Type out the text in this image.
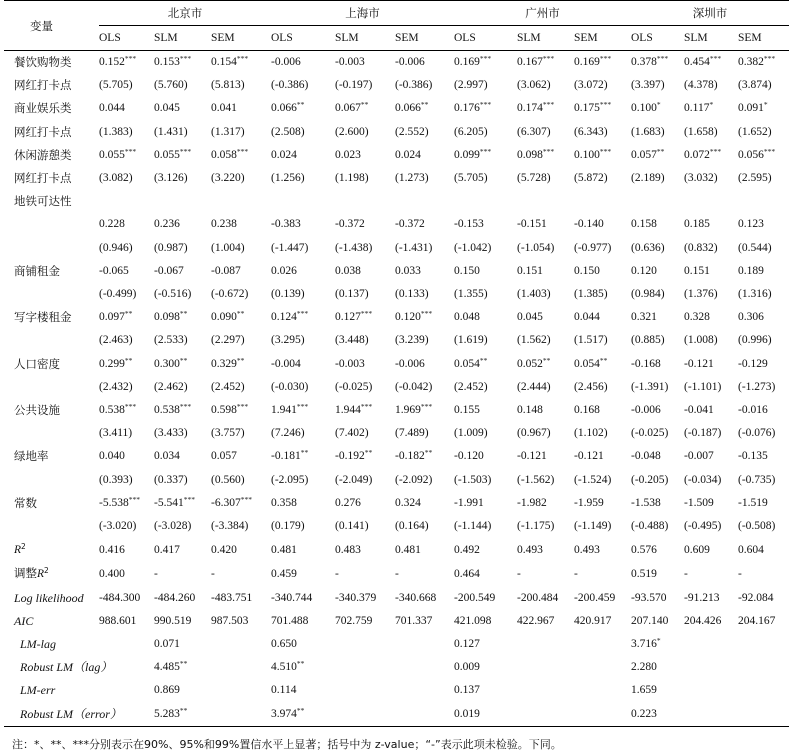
变量	北京市			上海市			广州市			深圳市		
	OLS	SLM	SEM	OLS	SLM	SEM	OLS	SLM	SEM	OLS	SLM	SEM
餐饮购物类	0.152***	0.153***	0.154***	-0.006	-0.003	-0.006	0.169***	0.167***	0.169***	0.378***	0.454***	0.382***
网红打卡点	(5.705)	(5.760)	(5.813)	(-0.386)	(-0.197)	(-0.386)	(2.997)	(3.062)	(3.072)	(3.397)	(4.378)	(3.874)
商业娱乐类	0.044	0.045	0.041	0.066**	0.067**	0.066**	0.176***	0.174***	0.175***	0.100*	0.117*	0.091*
网红打卡点	(1.383)	(1.431)	(1.317)	(2.508)	(2.600)	(2.552)	(6.205)	(6.307)	(6.343)	(1.683)	(1.658)	(1.652)
休闲游憩类	0.055***	0.055***	0.058***	0.024	0.023	0.024	0.099***	0.098***	0.100***	0.057**	0.072***	0.056***
网红打卡点	(3.082)	(3.126)	(3.220)	(1.256)	(1.198)	(1.273)	(5.705)	(5.728)	(5.872)	(2.189)	(3.032)	(2.595)
地铁可达性												
	0.228	0.236	0.238	-0.383	-0.372	-0.372	-0.153	-0.151	-0.140	0.158	0.185	0.123
	(0.946)	(0.987)	(1.004)	(-1.447)	(-1.438)	(-1.431)	(-1.042)	(-1.054)	(-0.977)	(0.636)	(0.832)	(0.544)
商铺租金	-0.065	-0.067	-0.087	0.026	0.038	0.033	0.150	0.151	0.150	0.120	0.151	0.189
	(-0.499)	(-0.516)	(-0.672)	(0.139)	(0.137)	(0.133)	(1.355)	(1.403)	(1.385)	(0.984)	(1.376)	(1.316)
写字楼租金	0.097**	0.098**	0.090**	0.124***	0.127***	0.120***	0.048	0.045	0.044	0.321	0.328	0.306
	(2.463)	(2.533)	(2.297)	(3.295)	(3.448)	(3.239)	(1.619)	(1.562)	(1.517)	(0.885)	(1.008)	(0.996)
人口密度	0.299**	0.300**	0.329**	-0.004	-0.003	-0.006	0.054**	0.052**	0.054**	-0.168	-0.121	-0.129
	(2.432)	(2.462)	(2.452)	(-0.030)	(-0.025)	(-0.042)	(2.452)	(2.444)	(2.456)	(-1.391)	(-1.101)	(-1.273)
公共设施	0.538***	0.538***	0.598***	1.941***	1.944***	1.969***	0.155	0.148	0.168	-0.006	-0.041	-0.016
	(3.411)	(3.433)	(3.757)	(7.246)	(7.402)	(7.489)	(1.009)	(0.967)	(1.102)	(-0.025)	(-0.187)	(-0.076)
绿地率	0.040	0.034	0.057	-0.181**	-0.192**	-0.182**	-0.120	-0.121	-0.121	-0.048	-0.007	-0.135
	(0.393)	(0.337)	(0.560)	(-2.095)	(-2.049)	(-2.092)	(-1.503)	(-1.562)	(-1.524)	(-0.205)	(-0.034)	(-0.735)
常数	-5.538***	-5.541***	-6.307***	0.358	0.276	0.324	-1.991	-1.982	-1.959	-1.538	-1.509	-1.519
	(-3.020)	(-3.028)	(-3.384)	(0.179)	(0.141)	(0.164)	(-1.144)	(-1.175)	(-1.149)	(-0.488)	(-0.495)	(-0.508)
$R^2$	0.416	0.417	0.420	0.481	0.483	0.481	0.492	0.493	0.493	0.576	0.609	0.604
调整$R^2$	0.400	-	-	0.459	-	-	0.464	-	-	0.519	-	-
Log likelihood	-484.300	-484.260	-483.751	-340.744	-340.379	-340.668	-200.549	-200.484	-200.459	-93.570	-91.213	-92.084
AIC	988.601	990.519	987.503	701.488	702.759	701.337	421.098	422.967	420.917	207.140	204.426	204.167
LM-lag		0.071		0.650			0.127			3.716*		
Robust LM（lag）		4.485**		4.510**			0.009			2.280		
LM-err		0.869		0.114			0.137			1.659		
Robust LM（error）		5.283**		3.974**			0.019			0.223		
注：*、**、***分别表示在90%、95%和99%置信水平上显著；括号中为 z-value；“-”表示此项未检验。下同。
